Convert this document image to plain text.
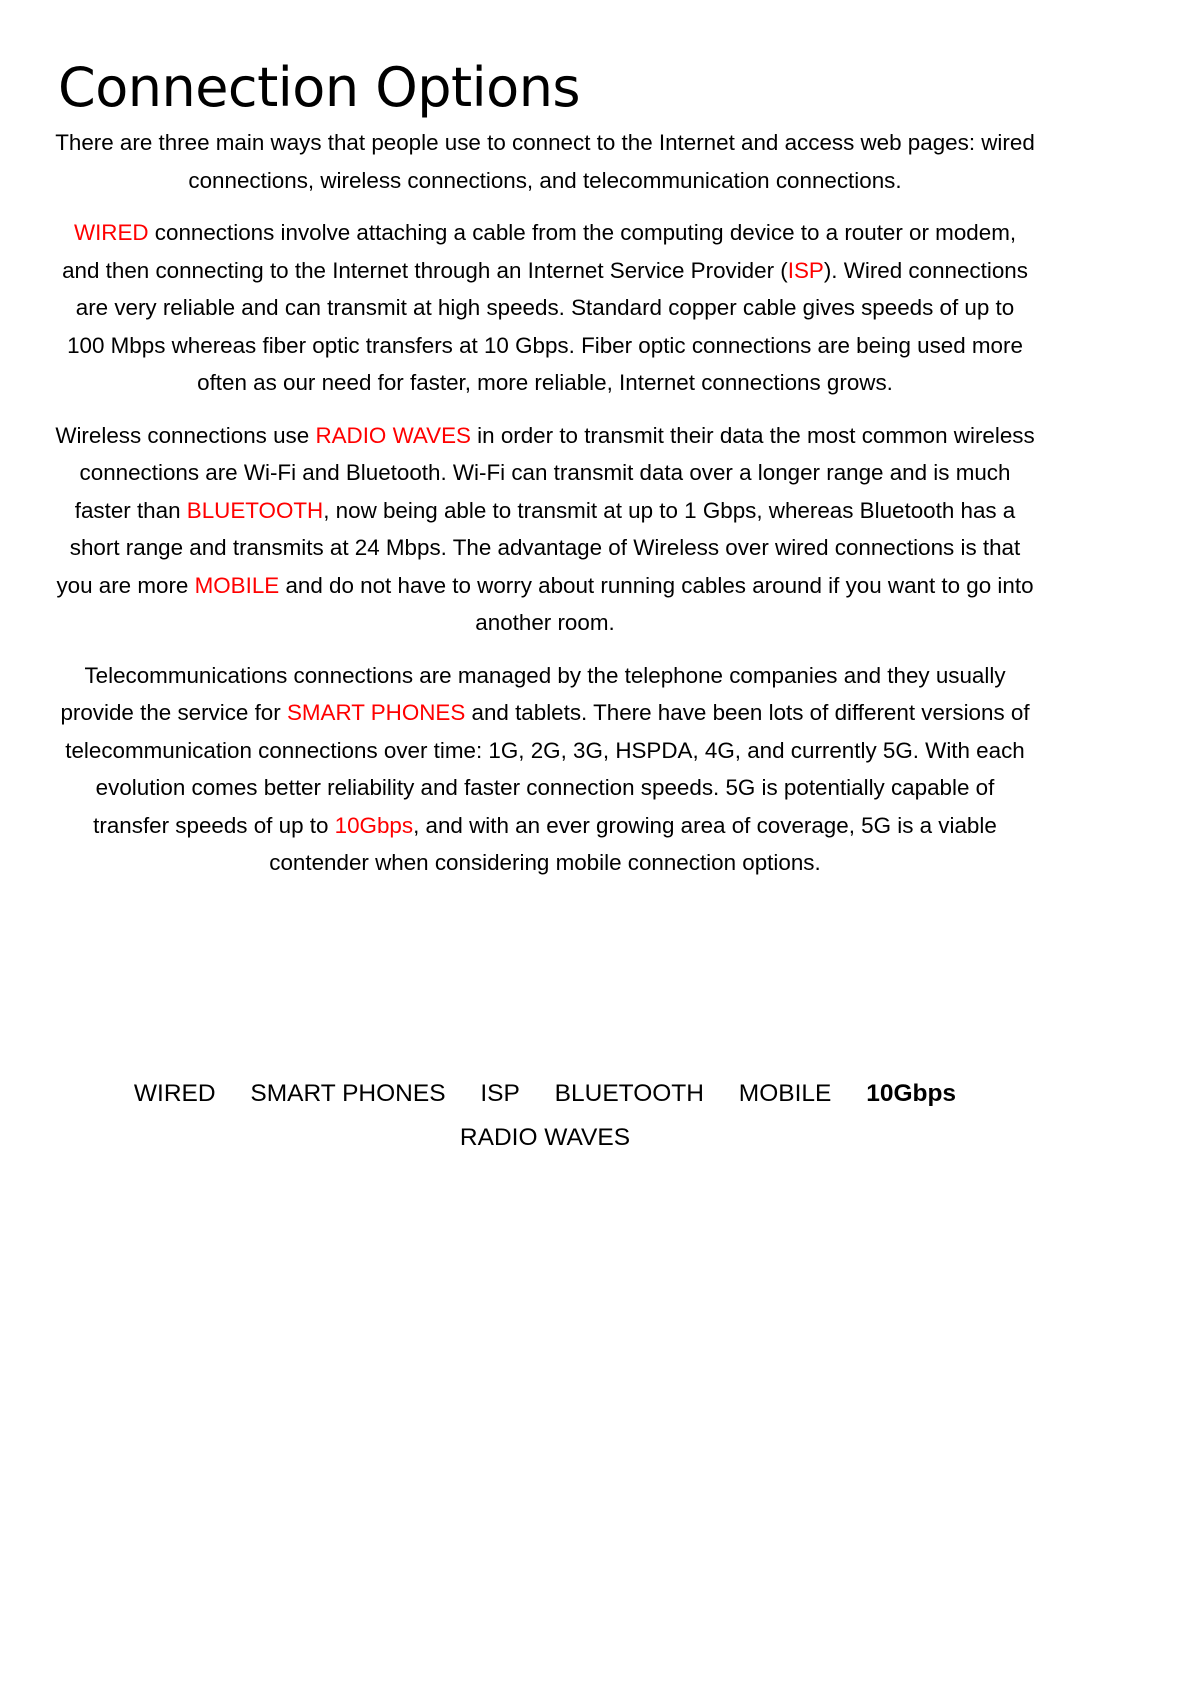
Connection Options

There are three main ways that people use to connect to the Internet and access web pages: wired connections, wireless connections, and telecommunication connections.

WIRED connections involve attaching a cable from the computing device to a router or modem, and then connecting to the Internet through an Internet Service Provider (ISP). Wired connections are very reliable and can transmit at high speeds. Standard copper cable gives speeds of up to 100 Mbps whereas fiber optic transfers at 10 Gbps. Fiber optic connections are being used more often as our need for faster, more reliable, Internet connections grows.

Wireless connections use RADIO WAVES in order to transmit their data the most common wireless connections are Wi-Fi and Bluetooth. Wi-Fi can transmit data over a longer range and is much faster than BLUETOOTH, now being able to transmit at up to 1 Gbps, whereas Bluetooth has a short range and transmits at 24 Mbps. The advantage of Wireless over wired connections is that you are more MOBILE and do not have to worry about running cables around if you want to go into another room.

Telecommunications connections are managed by the telephone companies and they usually provide the service for SMART PHONES and tablets. There have been lots of different versions of telecommunication connections over time: 1G, 2G, 3G, HSPDA, 4G, and currently 5G. With each evolution comes better reliability and faster connection speeds. 5G is potentially capable of transfer speeds of up to 10Gbps, and with an ever growing area of coverage, 5G is a viable contender when considering mobile connection options.

WIRED SMART PHONES ISP BLUETOOTH MOBILE 10Gbps
RADIO WAVES
